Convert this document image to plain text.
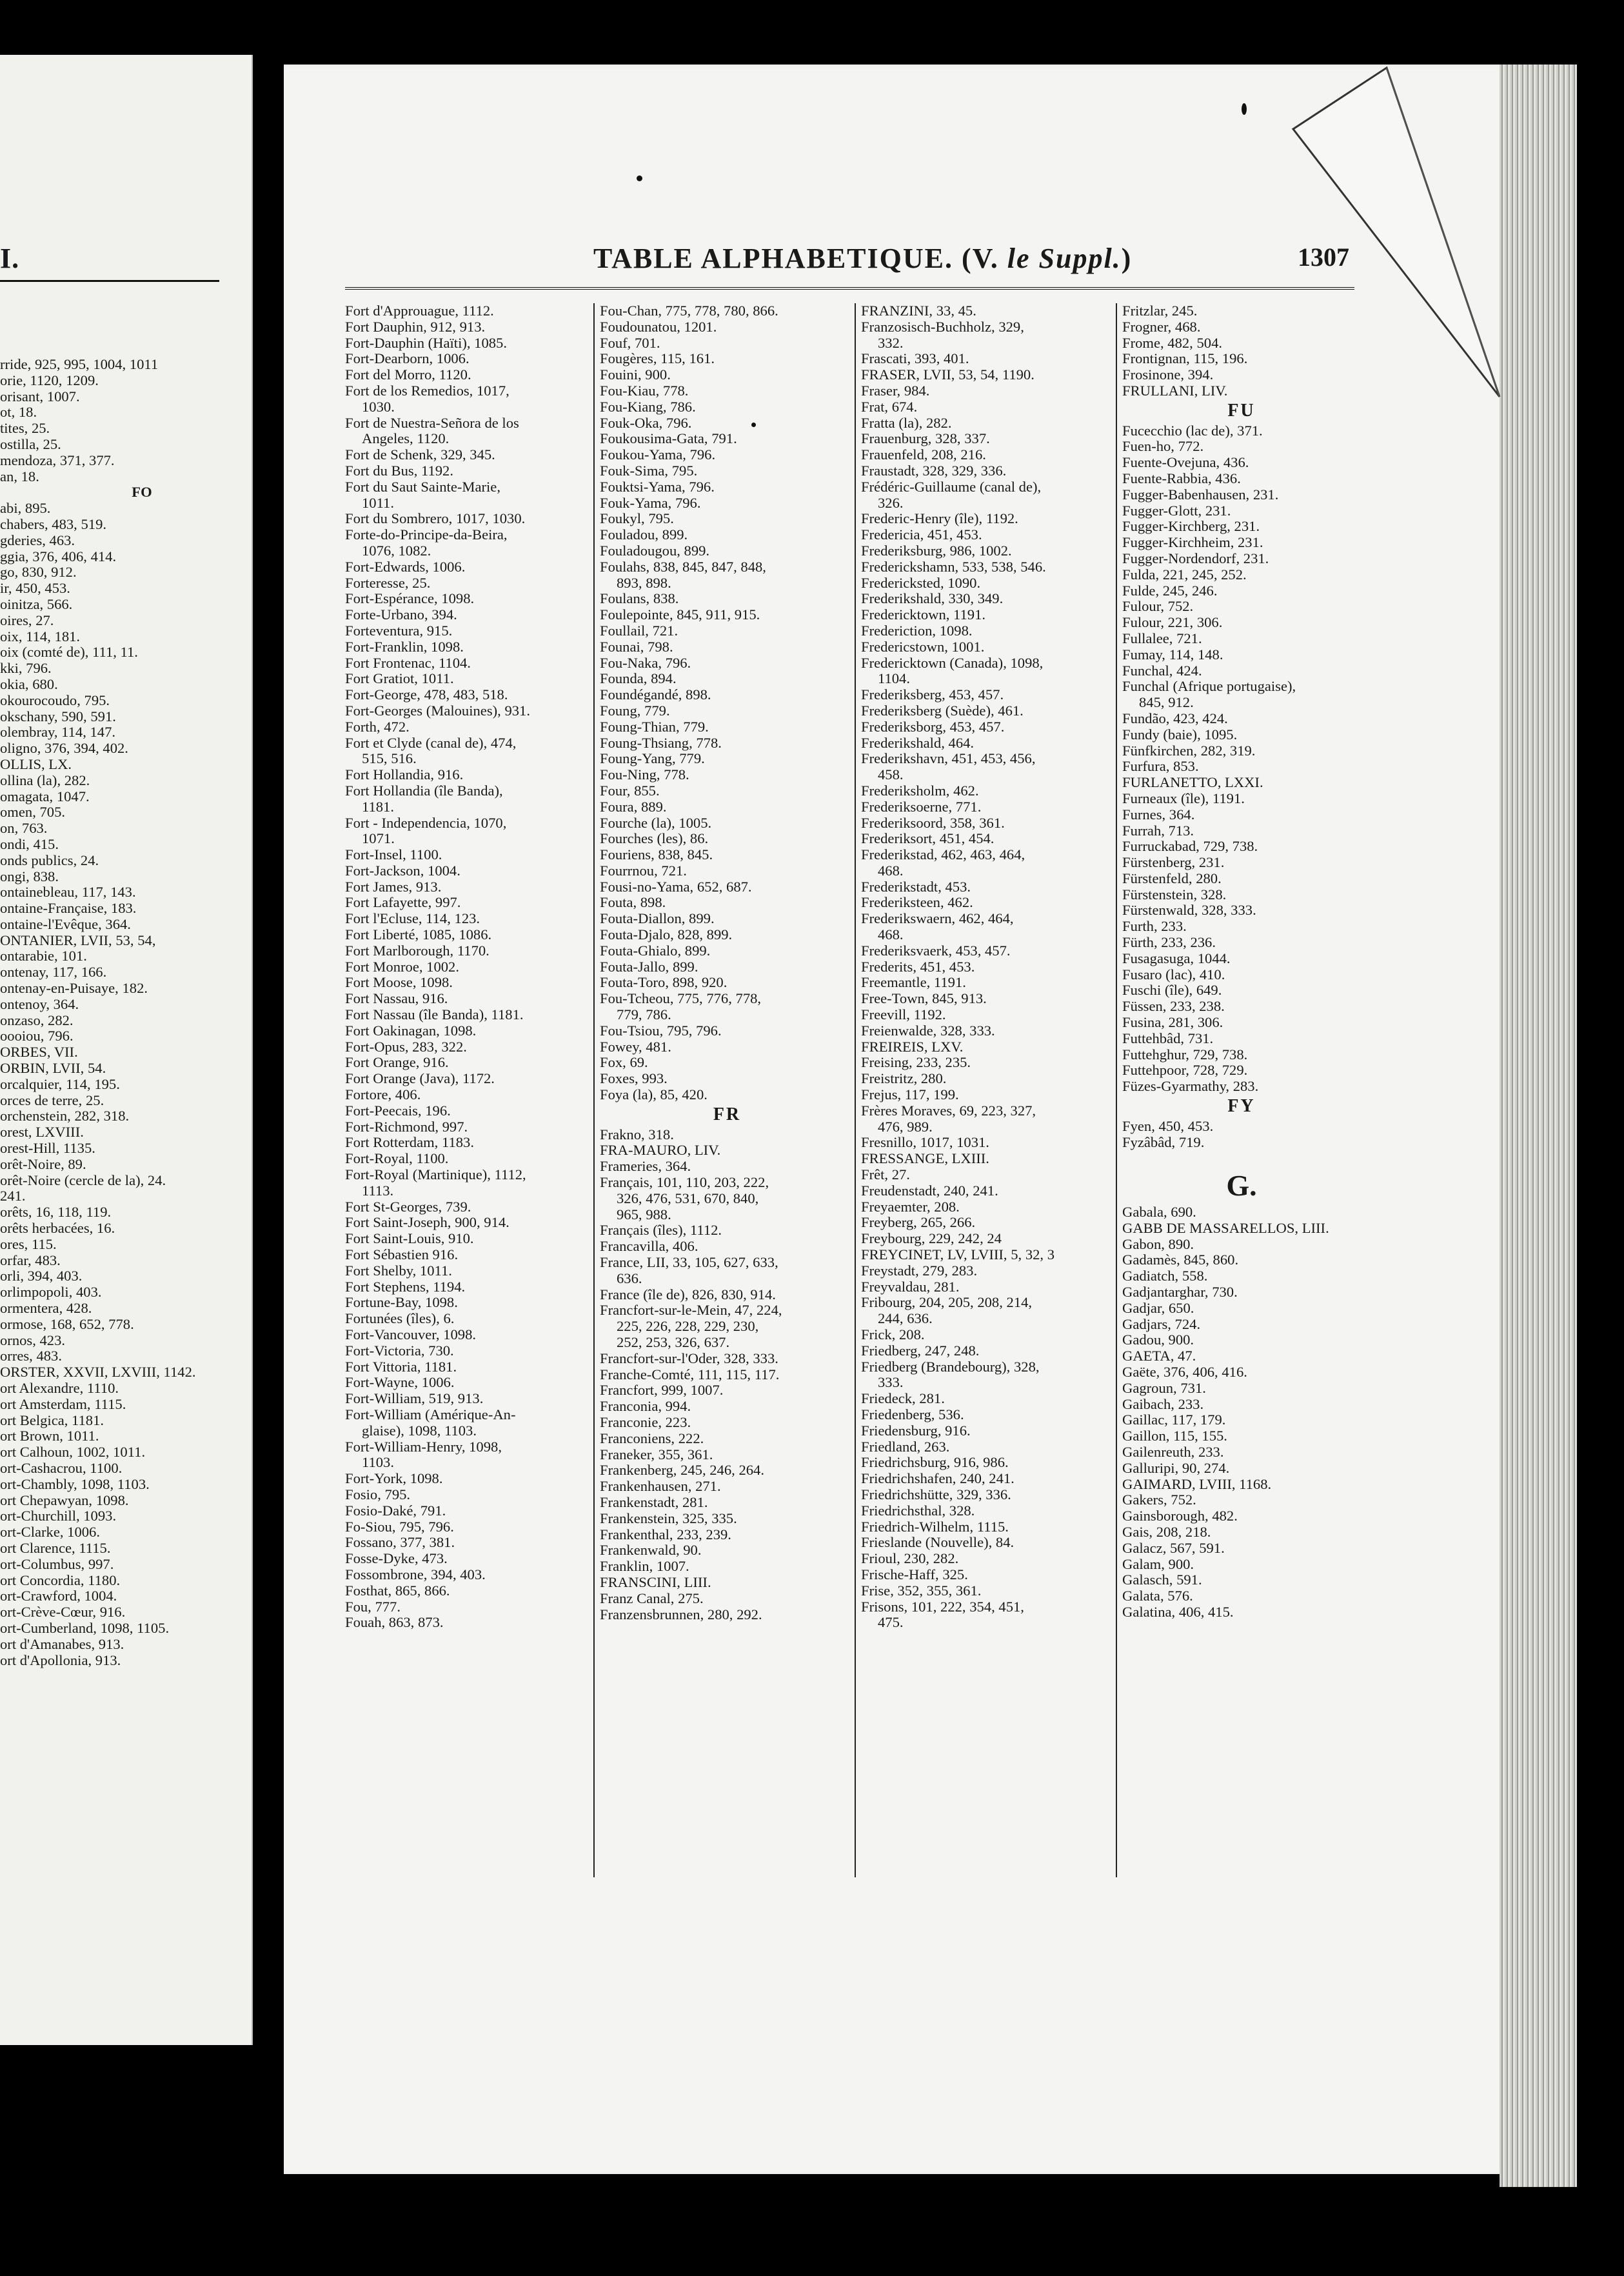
I.
rride, 925, 995, 1004, 1011
orie, 1120, 1209.
orisant, 1007.
ot, 18.
tites, 25.
ostilla, 25.
mendoza, 371, 377.
an, 18.
FO
abi, 895.
chabers, 483, 519.
gderies, 463.
ggia, 376, 406, 414.
go, 830, 912.
ir, 450, 453.
oinitza, 566.
oires, 27.
oix, 114, 181.
oix (comté de), 111, 11.
kki, 796.
okia, 680.
okourocoudo, 795.
okschany, 590, 591.
olembray, 114, 147.
oligno, 376, 394, 402.
OLLIS, LX.
ollina (la), 282.
omagata, 1047.
omen, 705.
on, 763.
ondi, 415.
onds publics, 24.
ongi, 838.
ontainebleau, 117, 143.
ontaine-Française, 183.
ontaine-l'Evêque, 364.
ONTANIER, LVII, 53, 54,
ontarabie, 101.
ontenay, 117, 166.
ontenay-en-Puisaye, 182.
ontenoy, 364.
onzaso, 282.
oooiou, 796.
ORBES, VII.
ORBIN, LVII, 54.
orcalquier, 114, 195.
orces de terre, 25.
orchenstein, 282, 318.
orest, LXVIII.
orest-Hill, 1135.
orêt-Noire, 89.
orêt-Noire (cercle de la), 24.
241.
orêts, 16, 118, 119.
orêts herbacées, 16.
ores, 115.
orfar, 483.
orli, 394, 403.
orlimpopoli, 403.
ormentera, 428.
ormose, 168, 652, 778.
ornos, 423.
orres, 483.
ORSTER, XXVII, LXVIII, 1142.
ort Alexandre, 1110.
ort Amsterdam, 1115.
ort Belgica, 1181.
ort Brown, 1011.
ort Calhoun, 1002, 1011.
ort-Cashacrou, 1100.
ort-Chambly, 1098, 1103.
ort Chepawyan, 1098.
ort-Churchill, 1093.
ort-Clarke, 1006.
ort Clarence, 1115.
ort-Columbus, 997.
ort Concordia, 1180.
ort-Crawford, 1004.
ort-Crève-Cœur, 916.
ort-Cumberland, 1098, 1105.
ort d'Amanabes, 913.
ort d'Apollonia, 913.
TABLE ALPHABETIQUE. (V. le Suppl.)	1307
Fort d'Approuague, 1112.
Fort Dauphin, 912, 913.
Fort-Dauphin (Haïti), 1085.
Fort-Dearborn, 1006.
Fort del Morro, 1120.
Fort de los Remedios, 1017,
1030.
Fort de Nuestra-Señora de los
Angeles, 1120.
Fort de Schenk, 329, 345.
Fort du Bus, 1192.
Fort du Saut Sainte-Marie,
1011.
Fort du Sombrero, 1017, 1030.
Forte-do-Principe-da-Beira,
1076, 1082.
Fort-Edwards, 1006.
Forteresse, 25.
Fort-Espérance, 1098.
Forte-Urbano, 394.
Forteventura, 915.
Fort-Franklin, 1098.
Fort Frontenac, 1104.
Fort Gratiot, 1011.
Fort-George, 478, 483, 518.
Fort-Georges (Malouines), 931.
Forth, 472.
Fort et Clyde (canal de), 474,
515, 516.
Fort Hollandia, 916.
Fort Hollandia (île Banda),
1181.
Fort - Independencia, 1070,
1071.
Fort-Insel, 1100.
Fort-Jackson, 1004.
Fort James, 913.
Fort Lafayette, 997.
Fort l'Ecluse, 114, 123.
Fort Liberté, 1085, 1086.
Fort Marlborough, 1170.
Fort Monroe, 1002.
Fort Moose, 1098.
Fort Nassau, 916.
Fort Nassau (île Banda), 1181.
Fort Oakinagan, 1098.
Fort-Opus, 283, 322.
Fort Orange, 916.
Fort Orange (Java), 1172.
Fortore, 406.
Fort-Peecais, 196.
Fort-Richmond, 997.
Fort Rotterdam, 1183.
Fort-Royal, 1100.
Fort-Royal (Martinique), 1112,
1113.
Fort St-Georges, 739.
Fort Saint-Joseph, 900, 914.
Fort Saint-Louis, 910.
Fort Sébastien 916.
Fort Shelby, 1011.
Fort Stephens, 1194.
Fortune-Bay, 1098.
Fortunées (îles), 6.
Fort-Vancouver, 1098.
Fort-Victoria, 730.
Fort Vittoria, 1181.
Fort-Wayne, 1006.
Fort-William, 519, 913.
Fort-William (Amérique-An-
glaise), 1098, 1103.
Fort-William-Henry, 1098,
1103.
Fort-York, 1098.
Fosio, 795.
Fosio-Daké, 791.
Fo-Siou, 795, 796.
Fossano, 377, 381.
Fosse-Dyke, 473.
Fossombrone, 394, 403.
Fosthat, 865, 866.
Fou, 777.
Fouah, 863, 873.
Fou-Chan, 775, 778, 780, 866.
Foudounatou, 1201.
Fouf, 701.
Fougères, 115, 161.
Fouini, 900.
Fou-Kiau, 778.
Fou-Kiang, 786.
Fouk-Oka, 796.
Foukousima-Gata, 791.
Foukou-Yama, 796.
Fouk-Sima, 795.
Fouktsi-Yama, 796.
Fouk-Yama, 796.
Foukyl, 795.
Fouladou, 899.
Fouladougou, 899.
Foulahs, 838, 845, 847, 848,
893, 898.
Foulans, 838.
Foulepointe, 845, 911, 915.
Foullail, 721.
Founai, 798.
Fou-Naka, 796.
Founda, 894.
Foundégandé, 898.
Foung, 779.
Foung-Thian, 779.
Foung-Thsiang, 778.
Foung-Yang, 779.
Fou-Ning, 778.
Four, 855.
Foura, 889.
Fourche (la), 1005.
Fourches (les), 86.
Fouriens, 838, 845.
Fourrnou, 721.
Fousi-no-Yama, 652, 687.
Fouta, 898.
Fouta-Diallon, 899.
Fouta-Djalo, 828, 899.
Fouta-Ghialo, 899.
Fouta-Jallo, 899.
Fouta-Toro, 898, 920.
Fou-Tcheou, 775, 776, 778,
779, 786.
Fou-Tsiou, 795, 796.
Fowey, 481.
Fox, 69.
Foxes, 993.
Foya (la), 85, 420.
FR
Frakno, 318.
FRA-MAURO, LIV.
Frameries, 364.
Français, 101, 110, 203, 222,
326, 476, 531, 670, 840,
965, 988.
Français (îles), 1112.
Francavilla, 406.
France, LII, 33, 105, 627, 633,
636.
France (île de), 826, 830, 914.
Francfort-sur-le-Mein, 47, 224,
225, 226, 228, 229, 230,
252, 253, 326, 637.
Francfort-sur-l'Oder, 328, 333.
Franche-Comté, 111, 115, 117.
Francfort, 999, 1007.
Franconia, 994.
Franconie, 223.
Franconiens, 222.
Franeker, 355, 361.
Frankenberg, 245, 246, 264.
Frankenhausen, 271.
Frankenstadt, 281.
Frankenstein, 325, 335.
Frankenthal, 233, 239.
Frankenwald, 90.
Franklin, 1007.
FRANSCINI, LIII.
Franz Canal, 275.
Franzensbrunnen, 280, 292.
FRANZINI, 33, 45.
Franzosisch-Buchholz, 329,
332.
Frascati, 393, 401.
FRASER, LVII, 53, 54, 1190.
Fraser, 984.
Frat, 674.
Fratta (la), 282.
Frauenburg, 328, 337.
Frauenfeld, 208, 216.
Fraustadt, 328, 329, 336.
Frédéric-Guillaume (canal de),
326.
Frederic-Henry (île), 1192.
Fredericia, 451, 453.
Frederiksburg, 986, 1002.
Frederickshamn, 533, 538, 546.
Fredericksted, 1090.
Frederikshald, 330, 349.
Fredericktown, 1191.
Frederiction, 1098.
Fredericstown, 1001.
Fredericktown (Canada), 1098,
1104.
Frederiksberg, 453, 457.
Frederiksberg (Suède), 461.
Frederiksborg, 453, 457.
Frederikshald, 464.
Frederikshavn, 451, 453, 456,
458.
Frederiksholm, 462.
Frederiksoerne, 771.
Frederiksoord, 358, 361.
Frederiksort, 451, 454.
Frederikstad, 462, 463, 464,
468.
Frederikstadt, 453.
Frederiksteen, 462.
Frederikswaern, 462, 464,
468.
Frederiksvaerk, 453, 457.
Frederits, 451, 453.
Freemantle, 1191.
Free-Town, 845, 913.
Freevill, 1192.
Freienwalde, 328, 333.
FREIREIS, LXV.
Freising, 233, 235.
Freistritz, 280.
Frejus, 117, 199.
Frères Moraves, 69, 223, 327,
476, 989.
Fresnillo, 1017, 1031.
FRESSANGE, LXIII.
Frêt, 27.
Freudenstadt, 240, 241.
Freyaemter, 208.
Freyberg, 265, 266.
Freybourg, 229, 242, 24
FREYCINET, LV, LVIII, 5, 32, 3
Freystadt, 279, 283.
Freyvaldau, 281.
Fribourg, 204, 205, 208, 214,
244, 636.
Frick, 208.
Friedberg, 247, 248.
Friedberg (Brandebourg), 328,
333.
Friedeck, 281.
Friedenberg, 536.
Friedensburg, 916.
Friedland, 263.
Friedrichsburg, 916, 986.
Friedrichshafen, 240, 241.
Friedrichshütte, 329, 336.
Friedrichsthal, 328.
Friedrich-Wilhelm, 1115.
Frieslande (Nouvelle), 84.
Frioul, 230, 282.
Frische-Haff, 325.
Frise, 352, 355, 361.
Frisons, 101, 222, 354, 451,
475.
Fritzlar, 245.
Frogner, 468.
Frome, 482, 504.
Frontignan, 115, 196.
Frosinone, 394.
FRULLANI, LIV.
FU
Fucecchio (lac de), 371.
Fuen-ho, 772.
Fuente-Ovejuna, 436.
Fuente-Rabbia, 436.
Fugger-Babenhausen, 231.
Fugger-Glott, 231.
Fugger-Kirchberg, 231.
Fugger-Kirchheim, 231.
Fugger-Nordendorf, 231.
Fulda, 221, 245, 252.
Fulde, 245, 246.
Fulour, 752.
Fulour, 221, 306.
Fullalee, 721.
Fumay, 114, 148.
Funchal, 424.
Funchal (Afrique portugaise),
845, 912.
Fundão, 423, 424.
Fundy (baie), 1095.
Fünfkirchen, 282, 319.
Furfura, 853.
FURLANETTO, LXXI.
Furneaux (île), 1191.
Furnes, 364.
Furrah, 713.
Furruckabad, 729, 738.
Fürstenberg, 231.
Fürstenfeld, 280.
Fürstenstein, 328.
Fürstenwald, 328, 333.
Furth, 233.
Fürth, 233, 236.
Fusagasuga, 1044.
Fusaro (lac), 410.
Fuschi (île), 649.
Füssen, 233, 238.
Fusina, 281, 306.
Futtehbâd, 731.
Futtehghur, 729, 738.
Futtehpoor, 728, 729.
Füzes-Gyarmathy, 283.
FY
Fyen, 450, 453.
Fyzâbâd, 719.
G.
Gabala, 690.
GABB DE MASSARELLOS, LIII.
Gabon, 890.
Gadamès, 845, 860.
Gadiatch, 558.
Gadjantarghar, 730.
Gadjar, 650.
Gadjars, 724.
Gadou, 900.
GAETA, 47.
Gaëte, 376, 406, 416.
Gagroun, 731.
Gaibach, 233.
Gaillac, 117, 179.
Gaillon, 115, 155.
Gailenreuth, 233.
Galluripi, 90, 274.
GAIMARD, LVIII, 1168.
Gakers, 752.
Gainsborough, 482.
Gais, 208, 218.
Galacz, 567, 591.
Galam, 900.
Galasch, 591.
Galata, 576.
Galatina, 406, 415.
